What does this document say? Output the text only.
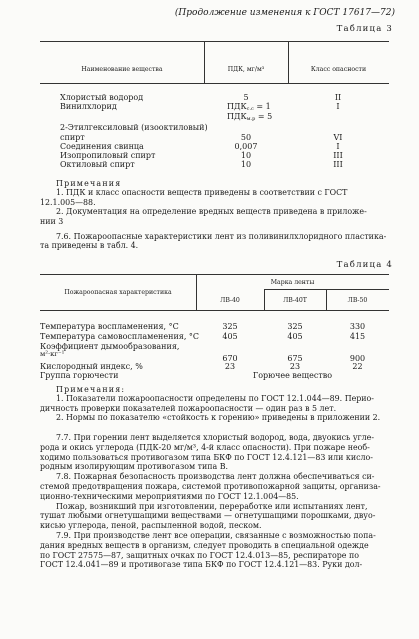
(Продолжение изменения к ГОСТ 17617—72)
Таблица 3
Наименование вещества	ПДК, мг/м³	Класс опасности
Хлористый водород	5	II
Винилхлорид	$ПДК_{с.с} = 1$	I
$ПДК_{м.р} = 5$
2-Этилгексиловый (изооктиловый)
спирт	50	VI
Соединения свинца	0,007	I
Изопропиловый спирт	10	III
Октиловый спирт	10	III

Примечания

1. ПДК и класс опасности веществ приведены в соответствии с ГОСТ

12.1.005—88.

2. Документация на определение вредных веществ приведена в приложе-

нии 3

7.6. Пожароопасные характеристики лент из поливинилхлоридного пластика-

та приведены в табл. 4.

Таблица 4
Марка ленты
Пожароопасная характеристика
ЛВ-40	ЛВ-40Т	ЛВ-50
Температура воспламенения, °С	325	325	330
Температура самовоспламенения, °С	405	405	415
Коэффициент дымообразования,
м²·кг⁻¹	670	675	900
Кислородный индекс, %	23	23	22
Группа горючести	Горючее вещество

Примечания:

1. Показатели пожароопасности определены по ГОСТ 12.1.044—89. Перио-

дичность проверки показателей пожароопасности — один раз в 5 лет.

2. Нормы по показателю «стойкость к горению» приведены в приложении 2.

7.7. При горении лент выделяется хлористый водород, вода, двуокись угле-

рода и окись углерода (ПДК-20 мг/м³, 4-й класс опасности). При пожаре необ-

ходимо пользоваться противогазом типа БКФ по ГОСТ 12.4.121—83 или кисло-

родным изолирующим противогазом типа В.

7.8. Пожарная безопасность производства лент должна обеспечиваться си-

стемой предотвращения пожара, системой противопожарной защиты, организа-

ционно-техническими мероприятиями по ГОСТ 12.1.004—85.

Пожар, возникший при изготовлении, переработке или испытаниях лент,

тушат любыми огнетушащими веществами — огнетушащими порошками, двуо-

кисью углерода, пеной, распыленной водой, песком.

7.9. При производстве лент все операции, связанные с возможностью попа-

дания вредных веществ в организм, следует проводить в специальной одежде

по ГОСТ 27575—87, защитных очках по ГОСТ 12.4.013—85, респираторе по

ГОСТ 12.4.041—89 и противогазе типа БКФ по ГОСТ 12.4.121—83. Руки дол-
